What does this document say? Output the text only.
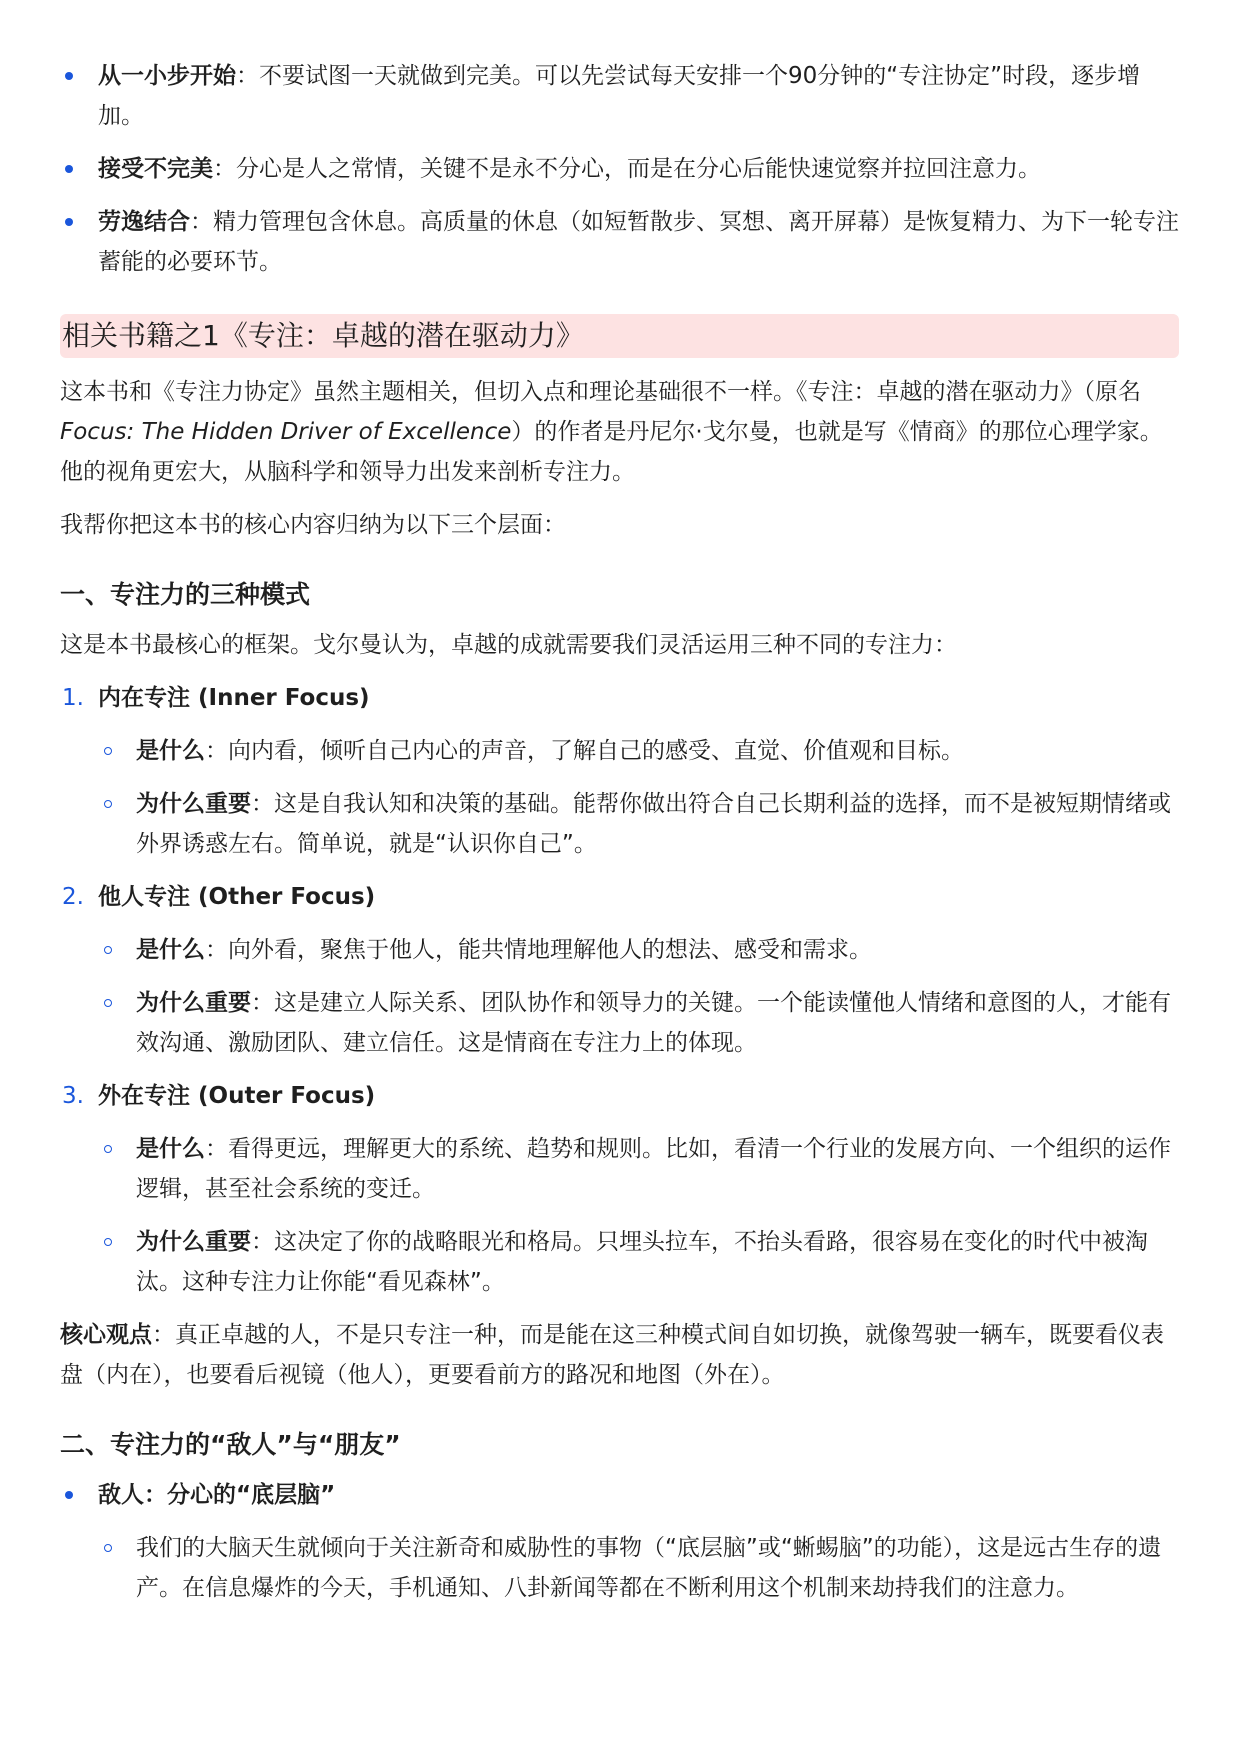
从一小步开始：不要试图一天就做到完美。可以先尝试每天安排一个90分钟的“专注协定”时段，逐步增加。
接受不完美：分心是人之常情，关键不是永不分心，而是在分心后能快速觉察并拉回注意力。
劳逸结合：精力管理包含休息。高质量的休息（如短暂散步、冥想、离开屏幕）是恢复精力、为下一轮专注蓄能的必要环节。
相关书籍之1《专注：卓越的潜在驱动力》

这本书和《专注力协定》虽然主题相关，但切入点和理论基础很不一样。《专注：卓越的潜在驱动力》（原名 Focus: The Hidden Driver of Excellence）的作者是丹尼尔·戈尔曼，也就是写《情商》的那位心理学家。他的视角更宏大，从脑科学和领导力出发来剖析专注力。

我帮你把这本书的核心内容归纳为以下三个层面：

一、专注力的三种模式

这是本书最核心的框架。戈尔曼认为，卓越的成就需要我们灵活运用三种不同的专注力：

1. 内在专注 (Inner Focus)
是什么：向内看，倾听自己内心的声音，了解自己的感受、直觉、价值观和目标。
为什么重要：这是自我认知和决策的基础。能帮你做出符合自己长期利益的选择，而不是被短期情绪或外界诱惑左右。简单说，就是“认识你自己”。
2. 他人专注 (Other Focus)
是什么：向外看，聚焦于他人，能共情地理解他人的想法、感受和需求。
为什么重要：这是建立人际关系、团队协作和领导力的关键。一个能读懂他人情绪和意图的人，才能有效沟通、激励团队、建立信任。这是情商在专注力上的体现。
3. 外在专注 (Outer Focus)
是什么：看得更远，理解更大的系统、趋势和规则。比如，看清一个行业的发展方向、一个组织的运作逻辑，甚至社会系统的变迁。
为什么重要：这决定了你的战略眼光和格局。只埋头拉车，不抬头看路，很容易在变化的时代中被淘汰。这种专注力让你能“看见森林”。

核心观点：真正卓越的人，不是只专注一种，而是能在这三种模式间自如切换，就像驾驶一辆车，既要看仪表盘（内在），也要看后视镜（他人），更要看前方的路况和地图（外在）。

二、专注力的“敌人”与“朋友”
敌人：分心的“底层脑”
我们的大脑天生就倾向于关注新奇和威胁性的事物（“底层脑”或“蜥蜴脑”的功能），这是远古生存的遗产。在信息爆炸的今天，手机通知、八卦新闻等都在不断利用这个机制来劫持我们的注意力。
